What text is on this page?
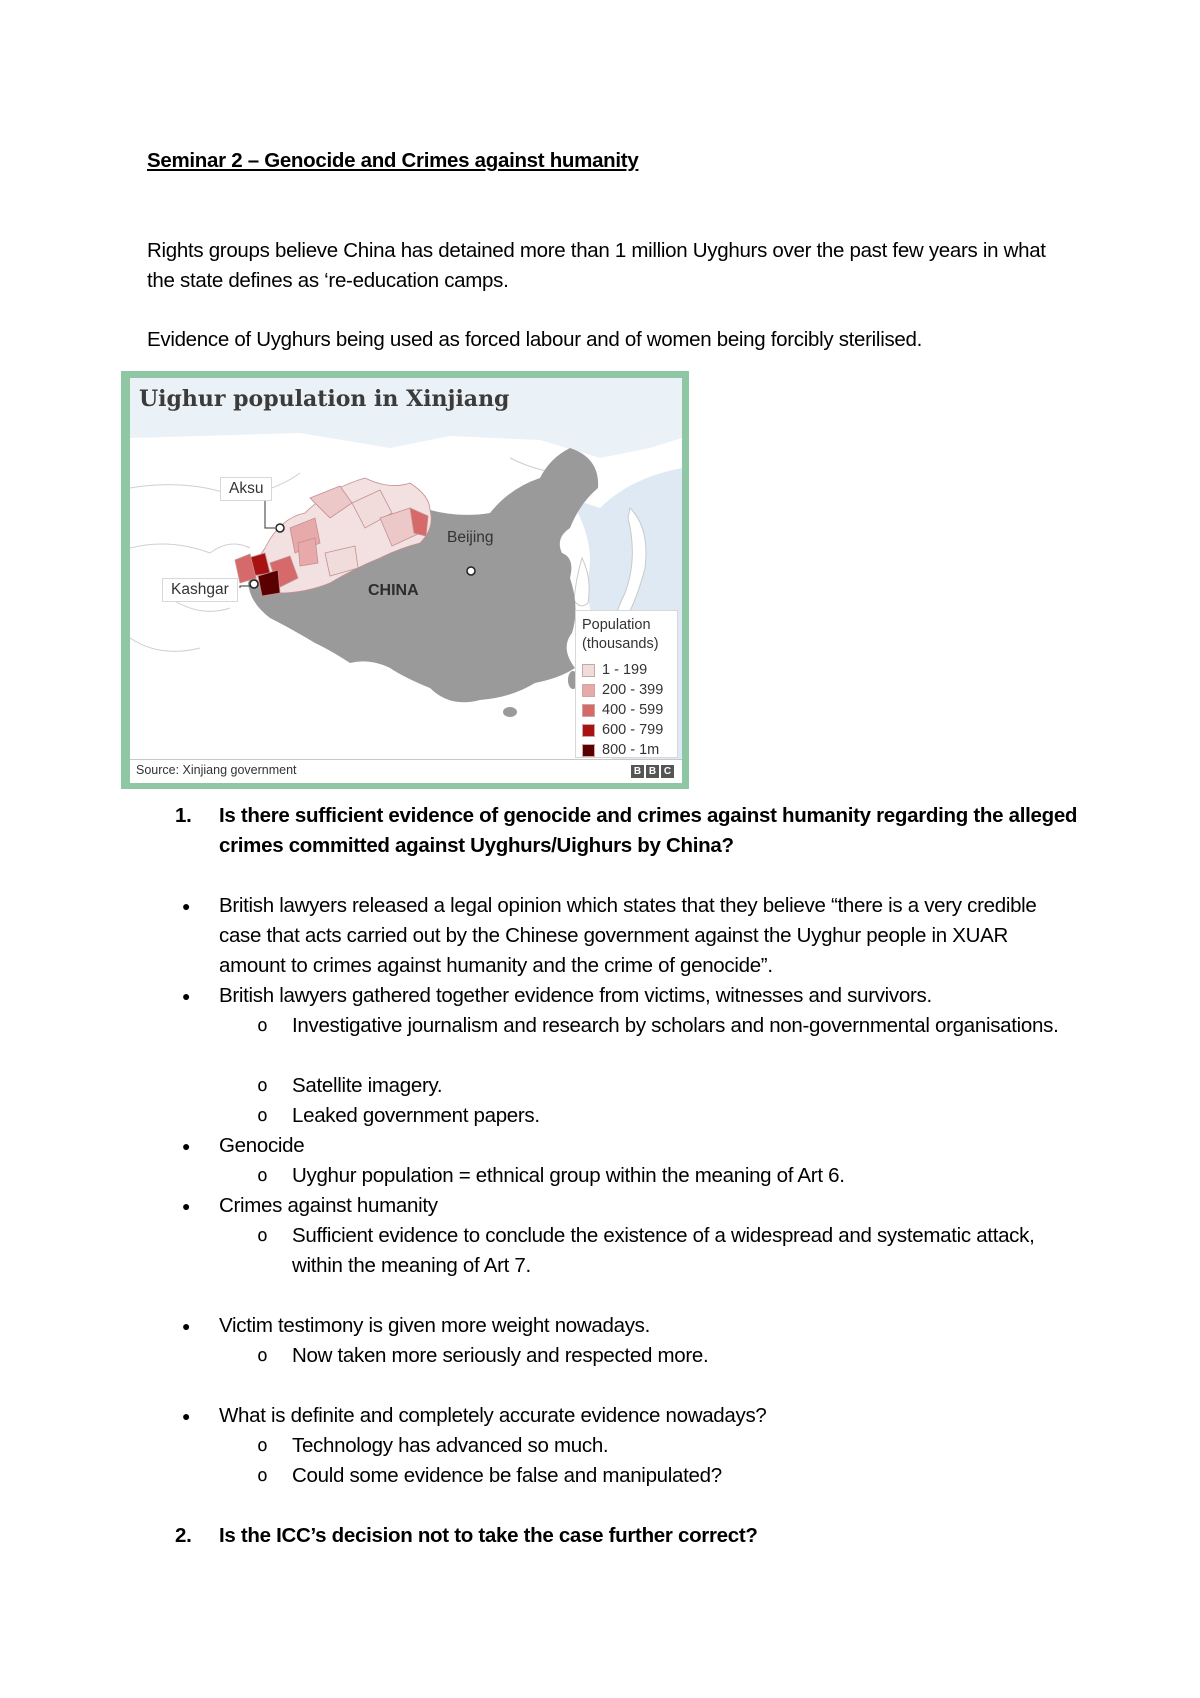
Seminar 2 – Genocide and Crimes against humanity
Rights groups believe China has detained more than 1 million Uyghurs over the past few years in what the state defines as ‘re-education camps.
Evidence of Uyghurs being used as forced labour and of women being forcibly sterilised.
Uighur population in Xinjiang
Aksu
Kashgar
Beijing
CHINA
Population
(thousands)
1 - 199
200 - 399
400 - 599
600 - 799
800 - 1m
Source: Xinjiang government	B B C
1. Is there sufficient evidence of genocide and crimes against humanity regarding the alleged crimes committed against Uyghurs/Uighurs by China?
● British lawyers released a legal opinion which states that they believe “there is a very credible case that acts carried out by the Chinese government against the Uyghur people in XUAR amount to crimes against humanity and the crime of genocide”.
● British lawyers gathered together evidence from victims, witnesses and survivors.
o Investigative journalism and research by scholars and non-governmental organisations.
o Satellite imagery.
o Leaked government papers.
● Genocide
o Uyghur population = ethnical group within the meaning of Art 6.
● Crimes against humanity
o Sufficient evidence to conclude the existence of a widespread and systematic attack, within the meaning of Art 7.
● Victim testimony is given more weight nowadays.
o Now taken more seriously and respected more.
● What is definite and completely accurate evidence nowadays?
o Technology has advanced so much.
o Could some evidence be false and manipulated?
2. Is the ICC’s decision not to take the case further correct?
